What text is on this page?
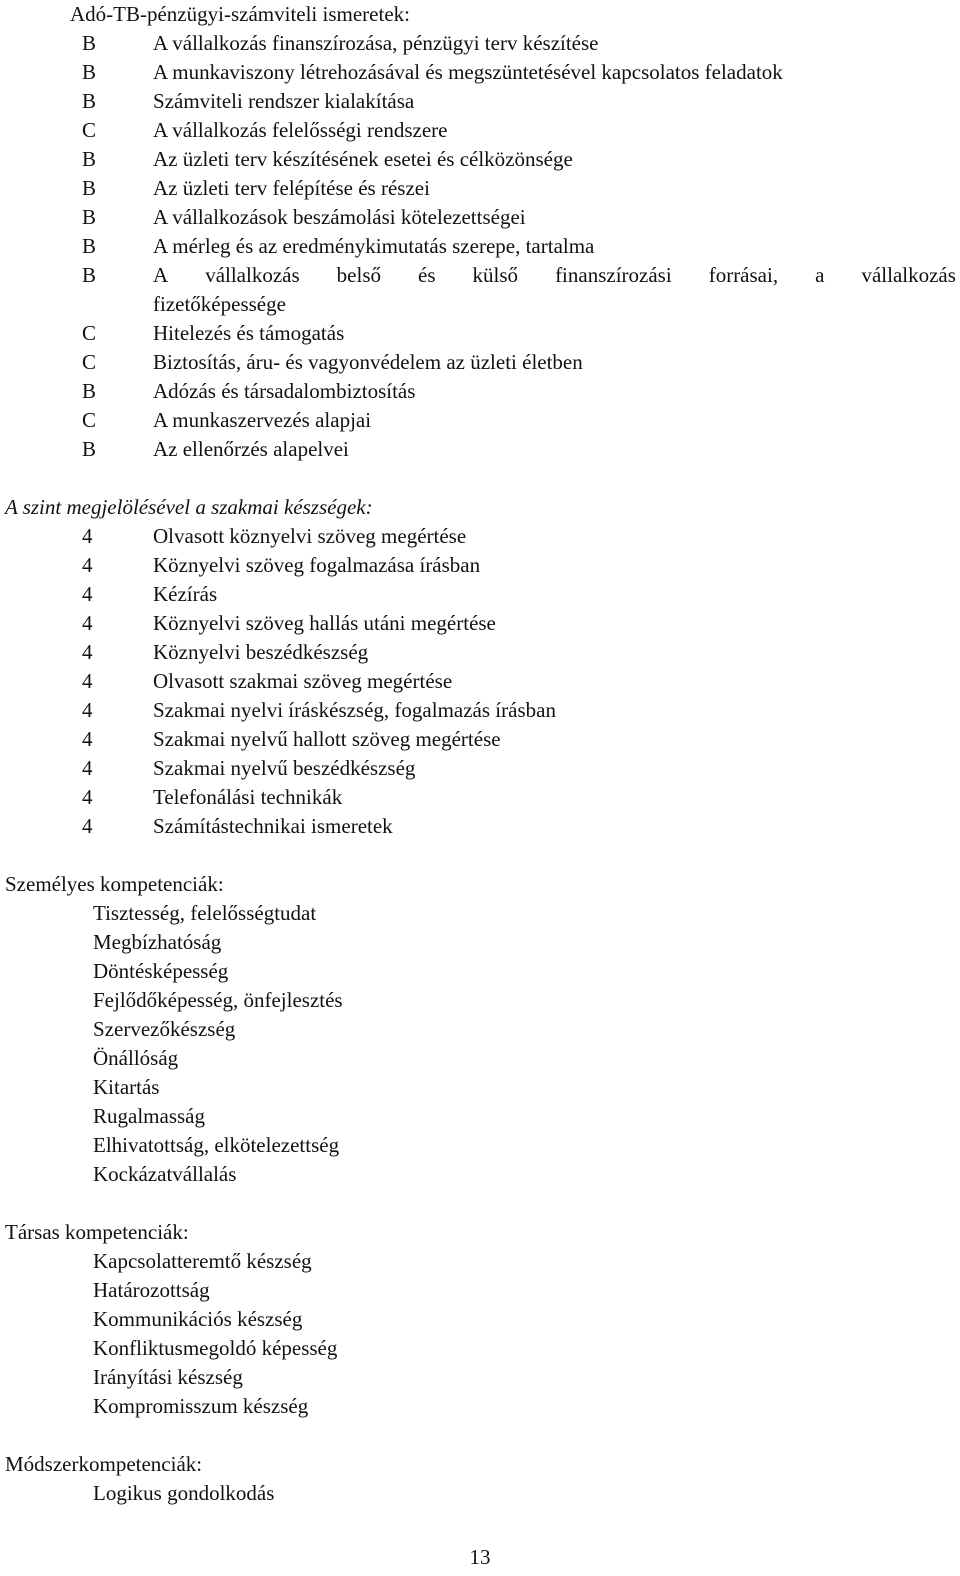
Adó-TB-pénzügyi-számviteli ismeretek:
B	A vállalkozás finanszírozása, pénzügyi terv készítése
B	A munkaviszony létrehozásával és megszüntetésével kapcsolatos feladatok
B	Számviteli rendszer kialakítása
C	A vállalkozás felelősségi rendszere
B	Az üzleti terv készítésének esetei és célközönsége
B	Az üzleti terv felépítése és részei
B	A vállalkozások beszámolási kötelezettségei
B	A mérleg és az eredménykimutatás szerepe, tartalma
B	A vállalkozás belső és külső finanszírozási forrásai, a vállalkozás
fizetőképessége
C	Hitelezés és támogatás
C	Biztosítás, áru- és vagyonvédelem az üzleti életben
B	Adózás és társadalombiztosítás
C	A munkaszervezés alapjai
B	Az ellenőrzés alapelvei
A szint megjelölésével a szakmai készségek:
4	Olvasott köznyelvi szöveg megértése
4	Köznyelvi szöveg fogalmazása írásban
4	Kézírás
4	Köznyelvi szöveg hallás utáni megértése
4	Köznyelvi beszédkészség
4	Olvasott szakmai szöveg megértése
4	Szakmai nyelvi íráskészség, fogalmazás írásban
4	Szakmai nyelvű hallott szöveg megértése
4	Szakmai nyelvű beszédkészség
4	Telefonálási technikák
4	Számítástechnikai ismeretek
Személyes kompetenciák:
Tisztesség, felelősségtudat
Megbízhatóság
Döntésképesség
Fejlődőképesség, önfejlesztés
Szervezőkészség
Önállóság
Kitartás
Rugalmasság
Elhivatottság, elkötelezettség
Kockázatvállalás
Társas kompetenciák:
Kapcsolatteremtő készség
Határozottság
Kommunikációs készség
Konfliktusmegoldó képesség
Irányítási készség
Kompromisszum készség
Módszerkompetenciák:
Logikus gondolkodás
13
